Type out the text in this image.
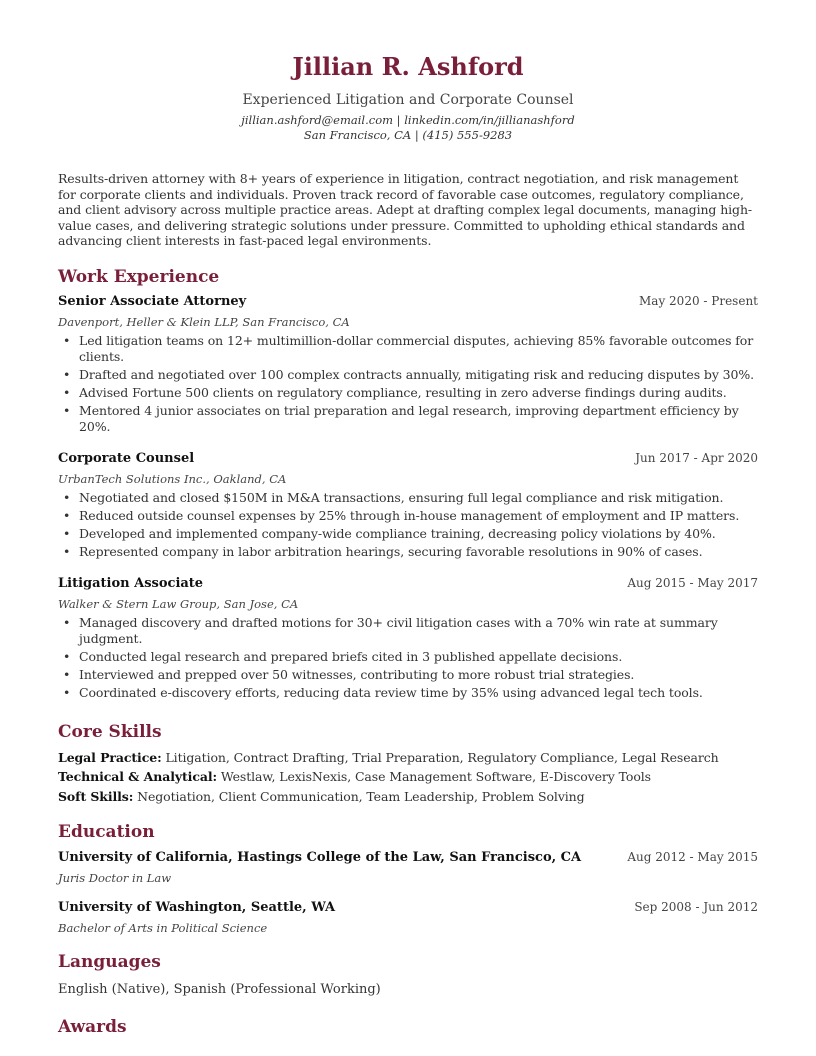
Jillian R. Ashford
Experienced Litigation and Corporate Counsel
jillian.ashford@email.com | linkedin.com/in/jillianashford
San Francisco, CA | (415) 555-9283
Results-driven attorney with 8+ years of experience in litigation, contract negotiation, and risk management for corporate clients and individuals. Proven track record of favorable case outcomes, regulatory compliance, and client advisory across multiple practice areas. Adept at drafting complex legal documents, managing high-value cases, and delivering strategic solutions under pressure. Committed to upholding ethical standards and advancing client interests in fast-paced legal environments.
Work Experience
Senior Associate Attorney	May 2020 - Present
Davenport, Heller & Klein LLP, San Francisco, CA
• Led litigation teams on 12+ multimillion-dollar commercial disputes, achieving 85% favorable outcomes for clients.
• Drafted and negotiated over 100 complex contracts annually, mitigating risk and reducing disputes by 30%.
• Advised Fortune 500 clients on regulatory compliance, resulting in zero adverse findings during audits.
• Mentored 4 junior associates on trial preparation and legal research, improving department efficiency by 20%.
Corporate Counsel	Jun 2017 - Apr 2020
UrbanTech Solutions Inc., Oakland, CA
• Negotiated and closed $150M in M&A transactions, ensuring full legal compliance and risk mitigation.
• Reduced outside counsel expenses by 25% through in-house management of employment and IP matters.
• Developed and implemented company-wide compliance training, decreasing policy violations by 40%.
• Represented company in labor arbitration hearings, securing favorable resolutions in 90% of cases.
Litigation Associate	Aug 2015 - May 2017
Walker & Stern Law Group, San Jose, CA
• Managed discovery and drafted motions for 30+ civil litigation cases with a 70% win rate at summary judgment.
• Conducted legal research and prepared briefs cited in 3 published appellate decisions.
• Interviewed and prepped over 50 witnesses, contributing to more robust trial strategies.
• Coordinated e-discovery efforts, reducing data review time by 35% using advanced legal tech tools.
Core Skills
Legal Practice: Litigation, Contract Drafting, Trial Preparation, Regulatory Compliance, Legal Research
Technical & Analytical: Westlaw, LexisNexis, Case Management Software, E-Discovery Tools
Soft Skills: Negotiation, Client Communication, Team Leadership, Problem Solving
Education
University of California, Hastings College of the Law, San Francisco, CA	Aug 2012 - May 2015
Juris Doctor in Law
University of Washington, Seattle, WA	Sep 2008 - Jun 2012
Bachelor of Arts in Political Science
Languages
English (Native), Spanish (Professional Working)
Awards
